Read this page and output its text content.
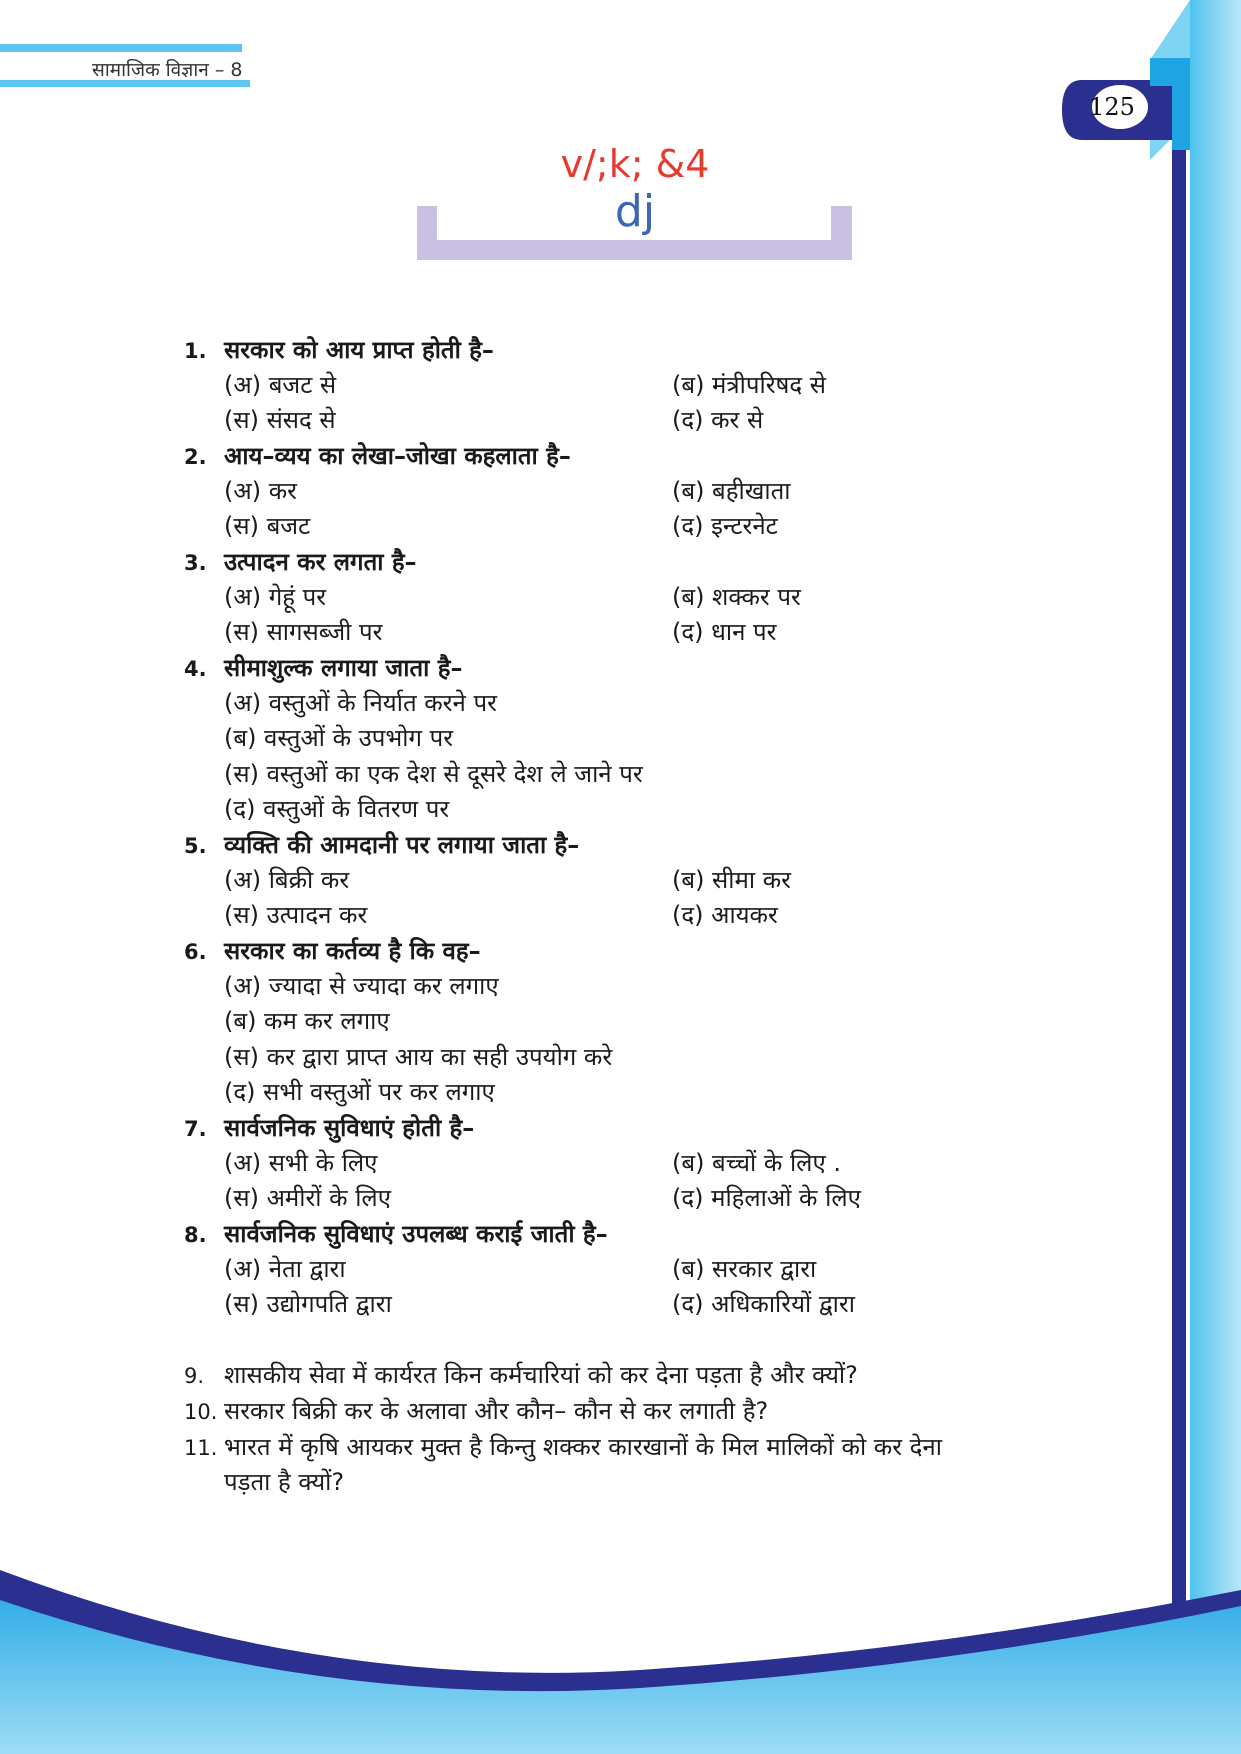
सामाजिक विज्ञान – 8
125
v/;k; &4
dj
1. सरकार को आय प्राप्त होती है–
(अ) बजट से	(ब) मंत्रीपरिषद से
(स) संसद से	(द) कर से
2. आय–व्यय का लेखा–जोखा कहलाता है–
(अ) कर	(ब) बहीखाता
(स) बजट	(द) इन्टरनेट
3. उत्पादन कर लगता है–
(अ) गेहूं पर	(ब) शक्कर पर
(स) सागसब्जी पर	(द) धान पर
4. सीमाशुल्क लगाया जाता है–
(अ) वस्तुओं के निर्यात करने पर
(ब) वस्तुओं के उपभोग पर
(स) वस्तुओं का एक देश से दूसरे देश ले जाने पर
(द) वस्तुओं के वितरण पर
5. व्यक्ति की आमदानी पर लगाया जाता है–
(अ) बिक्री कर	(ब) सीमा कर
(स) उत्पादन कर	(द) आयकर
6. सरकार का कर्तव्य है कि वह–
(अ) ज्यादा से ज्यादा कर लगाए
(ब) कम कर लगाए
(स) कर द्वारा प्राप्त आय का सही उपयोग करे
(द) सभी वस्तुओं पर कर लगाए
7. सार्वजनिक सुविधाएं होती है–
(अ) सभी के लिए	(ब) बच्चों के लिए .
(स) अमीरों के लिए	(द) महिलाओं के लिए
8. सार्वजनिक सुविधाएं उपलब्ध कराई जाती है–
(अ) नेता द्वारा	(ब) सरकार द्वारा
(स) उद्योगपति द्वारा	(द) अधिकारियों द्वारा
9. शासकीय सेवा में कार्यरत किन कर्मचारियां को कर देना पड़ता है और क्यों?
10. सरकार बिक्री कर के अलावा और कौन– कौन से कर लगाती है?
11. भारत में कृषि आयकर मुक्त है किन्तु शक्कर कारखानों के मिल मालिकों को कर देना
पड़ता है क्यों?
